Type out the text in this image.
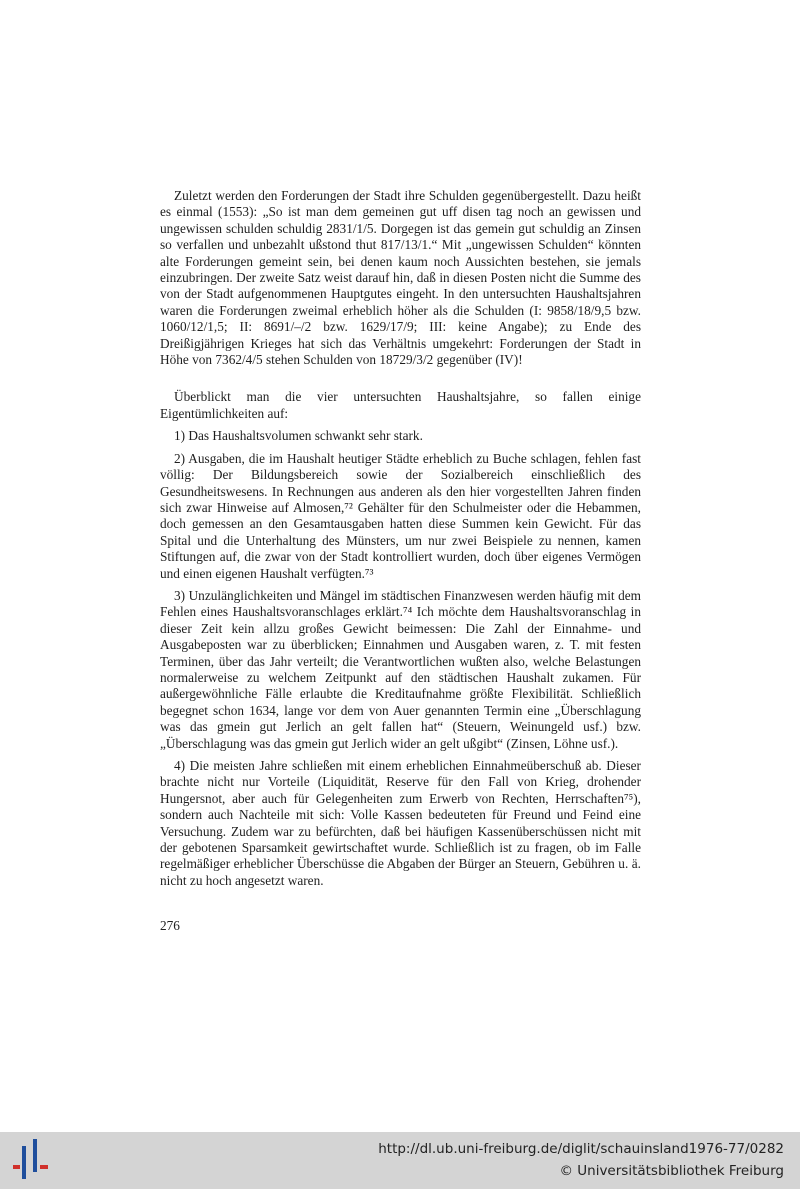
Zuletzt werden den Forderungen der Stadt ihre Schulden gegenübergestellt. Dazu heißt es einmal (1553): „So ist man dem gemeinen gut uff disen tag noch an gewissen und ungewissen schulden schuldig 2831/1/5. Dorgegen ist das gemein gut schuldig an Zinsen so verfallen und unbezahlt ußstond thut 817/13/1.“ Mit „ungewissen Schulden“ könnten alte Forderungen gemeint sein, bei denen kaum noch Aussichten bestehen, sie jemals einzubringen. Der zweite Satz weist darauf hin, daß in diesen Posten nicht die Summe des von der Stadt aufgenommenen Hauptgutes eingeht. In den untersuchten Haushaltsjahren waren die Forderungen zweimal erheblich höher als die Schulden (I: 9858/18/9,5 bzw. 1060/12/1,5; II: 8691/–/2 bzw. 1629/17/9; III: keine Angabe); zu Ende des Dreißigjährigen Krieges hat sich das Verhältnis umgekehrt: Forderungen der Stadt in Höhe von 7362/4/5 stehen Schulden von 18729/3/2 gegenüber (IV)!

Überblickt man die vier untersuchten Haushaltsjahre, so fallen einige Eigentümlichkeiten auf:

1) Das Haushaltsvolumen schwankt sehr stark.

2) Ausgaben, die im Haushalt heutiger Städte erheblich zu Buche schlagen, fehlen fast völlig: Der Bildungsbereich sowie der Sozialbereich einschließlich des Gesundheitswesens. In Rechnungen aus anderen als den hier vorgestellten Jahren finden sich zwar Hinweise auf Almosen,⁷² Gehälter für den Schulmeister oder die Hebammen, doch gemessen an den Gesamtausgaben hatten diese Summen kein Gewicht. Für das Spital und die Unterhaltung des Münsters, um nur zwei Beispiele zu nennen, kamen Stiftungen auf, die zwar von der Stadt kontrolliert wurden, doch über eigenes Vermögen und einen eigenen Haushalt verfügten.⁷³

3) Unzulänglichkeiten und Mängel im städtischen Finanzwesen werden häufig mit dem Fehlen eines Haushaltsvoranschlages erklärt.⁷⁴ Ich möchte dem Haushaltsvoranschlag in dieser Zeit kein allzu großes Gewicht beimessen: Die Zahl der Einnahme- und Ausgabeposten war zu überblicken; Einnahmen und Ausgaben waren, z. T. mit festen Terminen, über das Jahr verteilt; die Verantwortlichen wußten also, welche Belastungen normalerweise zu welchem Zeitpunkt auf den städtischen Haushalt zukamen. Für außergewöhnliche Fälle erlaubte die Kreditaufnahme größte Flexibilität. Schließlich begegnet schon 1634, lange vor dem von Auer genannten Termin eine „Überschlagung was das gmein gut Jerlich an gelt fallen hat“ (Steuern, Weinungeld usf.) bzw. „Überschlagung was das gmein gut Jerlich wider an gelt ußgibt“ (Zinsen, Löhne usf.).

4) Die meisten Jahre schließen mit einem erheblichen Einnahmeüberschuß ab. Dieser brachte nicht nur Vorteile (Liquidität, Reserve für den Fall von Krieg, drohender Hungersnot, aber auch für Gelegenheiten zum Erwerb von Rechten, Herrschaften⁷⁵), sondern auch Nachteile mit sich: Volle Kassen bedeuteten für Freund und Feind eine Versuchung. Zudem war zu befürchten, daß bei häufigen Kassenüberschüssen nicht mit der gebotenen Sparsamkeit gewirtschaftet wurde. Schließlich ist zu fragen, ob im Falle regelmäßiger erheblicher Überschüsse die Abgaben der Bürger an Steuern, Gebühren u. ä. nicht zu hoch angesetzt waren.

276
http://dl.ub.uni-freiburg.de/diglit/schauinsland1976-77/0282
© Universitätsbibliothek Freiburg
